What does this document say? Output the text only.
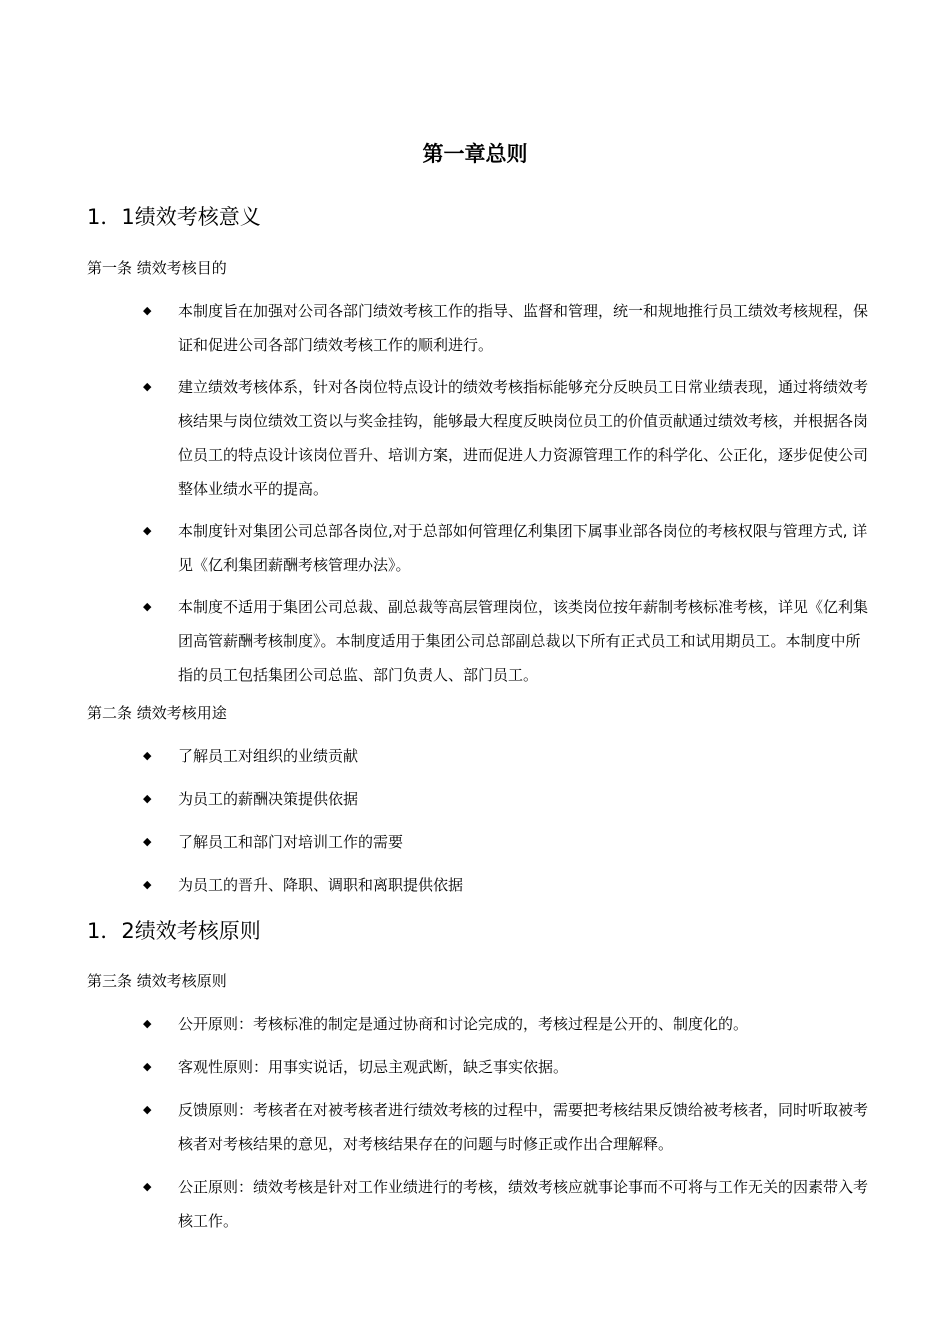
第一章总则
1．1绩效考核意义
第一条 绩效考核目的
◆ 本制度旨在加强对公司各部门绩效考核工作的指导、监督和管理，统一和规地推行员工绩效考核规程，保证和促进公司各部门绩效考核工作的顺利进行。
◆ 建立绩效考核体系，针对各岗位特点设计的绩效考核指标能够充分反映员工日常业绩表现，通过将绩效考核结果与岗位绩效工资以与奖金挂钩，能够最大程度反映岗位员工的价值贡献通过绩效考核，并根据各岗位员工的特点设计该岗位晋升、培训方案，进而促进人力资源管理工作的科学化、公正化，逐步促使公司整体业绩水平的提高。
◆ 本制度针对集团公司总部各岗位,对于总部如何管理亿利集团下属事业部各岗位的考核权限与管理方式, 详见《亿利集团薪酬考核管理办法》。
◆ 本制度不适用于集团公司总裁、副总裁等高层管理岗位，该类岗位按年薪制考核标准考核，详见《亿利集团高管薪酬考核制度》。本制度适用于集团公司总部副总裁以下所有正式员工和试用期员工。本制度中所指的员工包括集团公司总监、部门负责人、部门员工。
第二条 绩效考核用途
◆ 了解员工对组织的业绩贡献
◆ 为员工的薪酬决策提供依据
◆ 了解员工和部门对培训工作的需要
◆ 为员工的晋升、降职、调职和离职提供依据
1．2绩效考核原则
第三条 绩效考核原则
◆ 公开原则：考核标准的制定是通过协商和讨论完成的，考核过程是公开的、制度化的。
◆ 客观性原则：用事实说话，切忌主观武断，缺乏事实依据。
◆ 反馈原则：考核者在对被考核者进行绩效考核的过程中，需要把考核结果反馈给被考核者，同时听取被考核者对考核结果的意见，对考核结果存在的问题与时修正或作出合理解释。
◆ 公正原则：绩效考核是针对工作业绩进行的考核，绩效考核应就事论事而不可将与工作无关的因素带入考核工作。
